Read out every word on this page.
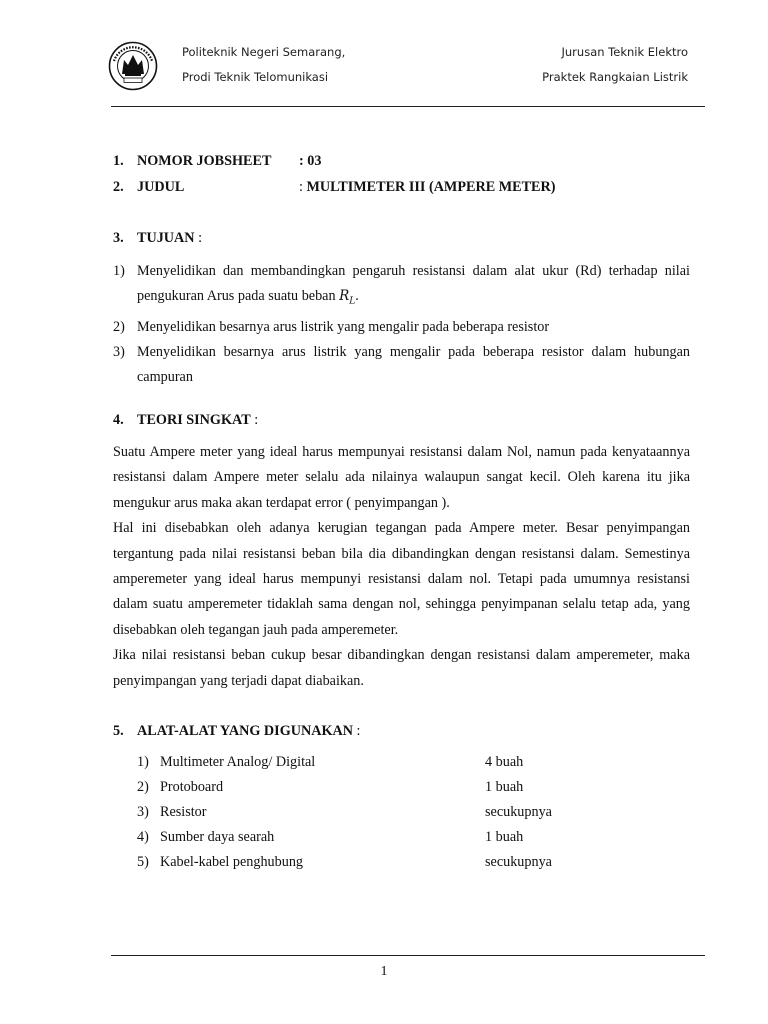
Politeknik Negeri Semarang,
Prodi Teknik Telomunikasi
Jurusan Teknik Elektro
Praktek Rangkaian Listrik
1. NOMOR JOBSHEET : 03
2. JUDUL	: MULTIMETER III (AMPERE METER)
3. TUJUAN :
1) Menyelidikan dan membandingkan pengaruh resistansi dalam alat ukur (Rd) terhadap nilai pengukuran Arus pada suatu beban $R_L$.
2) Menyelidikan besarnya arus listrik yang mengalir pada beberapa resistor
3) Menyelidikan besarnya arus listrik yang mengalir pada beberapa resistor dalam hubungan campuran
4. TEORI SINGKAT :

Suatu Ampere meter yang ideal harus mempunyai resistansi dalam Nol, namun pada kenyataannya resistansi dalam Ampere meter selalu ada nilainya walaupun sangat kecil. Oleh karena itu jika mengukur arus maka akan terdapat error ( penyimpangan ).

Hal ini disebabkan oleh adanya kerugian tegangan pada Ampere meter. Besar penyimpangan tergantung pada nilai resistansi beban bila dia dibandingkan dengan resistansi dalam. Semestinya amperemeter yang ideal harus mempunyi resistansi dalam nol. Tetapi pada umumnya resistansi dalam suatu amperemeter tidaklah sama dengan nol, sehingga penyimpanan selalu tetap ada, yang disebabkan oleh tegangan jauh pada amperemeter.

Jika nilai resistansi beban cukup besar dibandingkan dengan resistansi dalam amperemeter, maka penyimpangan yang terjadi dapat diabaikan.

5. ALAT-ALAT YANG DIGUNAKAN :
1) Multimeter Analog/ Digital	4 buah
2) Protoboard	1 buah
3) Resistor	secukupnya
4) Sumber daya searah	1 buah
5) Kabel-kabel penghubung	secukupnya
1
